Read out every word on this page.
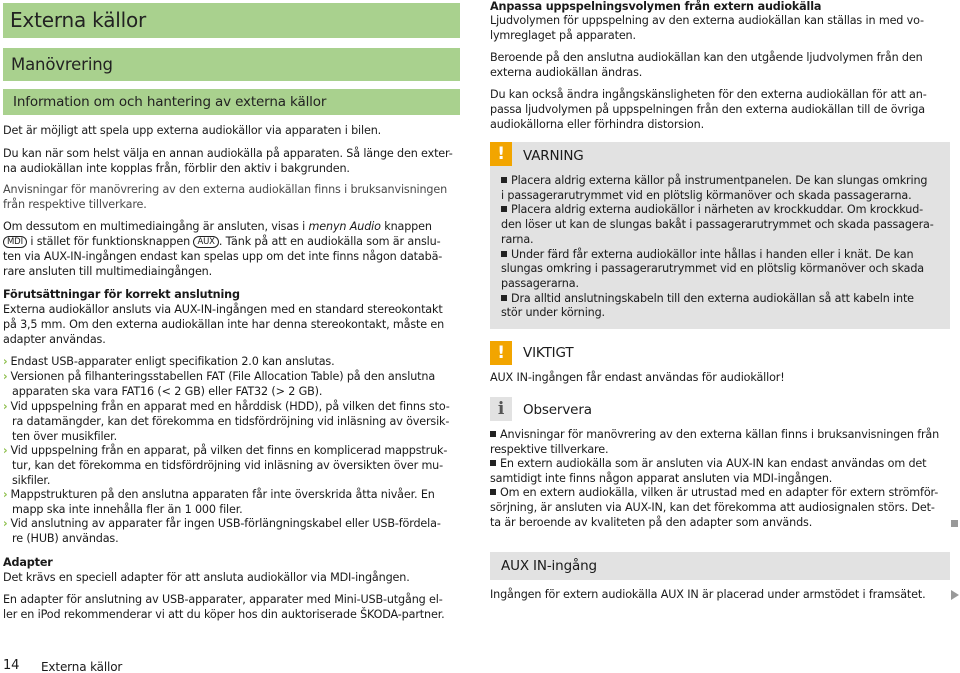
Externa källor
Manövrering
Information om och hantering av externa källor
Det är möjligt att spela upp externa audiokällor via apparaten i bilen.
Du kan när som helst välja en annan audiokälla på apparaten. Så länge den exter-
na audiokällan inte kopplas från, förblir den aktiv i bakgrunden.
Anvisningar för manövrering av den externa audiokällan finns i bruksanvisningen
från respektive tillverkare.
Om dessutom en multimediaingång är ansluten, visas i menyn Audio knappen
MDI i stället för funktionsknappen AUX . Tänk på att en audiokälla som är anslu-
ten via AUX-IN-ingången endast kan spelas upp om det inte finns någon databä-
rare ansluten till multimediaingången.
Förutsättningar för korrekt anslutning
Externa audiokällor ansluts via AUX-IN-ingången med en standard stereokontakt
på 3,5 mm. Om den externa audiokällan inte har denna stereokontakt, måste en
adapter användas.
› Endast USB-apparater enligt specifikation 2.0 kan anslutas.
› Versionen på filhanteringsstabellen FAT (File Allocation Table) på den anslutna
apparaten ska vara FAT16 (< 2 GB) eller FAT32 (> 2 GB).
› Vid uppspelning från en apparat med en hårddisk (HDD), på vilken det finns sto-
ra datamängder, kan det förekomma en tidsfördröjning vid inläsning av översik-
ten över musikfiler.
› Vid uppspelning från en apparat, på vilken det finns en komplicerad mappstruk-
tur, kan det förekomma en tidsfördröjning vid inläsning av översikten över mu-
sikfiler.
› Mappstrukturen på den anslutna apparaten får inte överskrida åtta nivåer. En
mapp ska inte innehålla fler än 1 000 filer.
› Vid anslutning av apparater får ingen USB-förlängningskabel eller USB-fördela-
re (HUB) användas.
Adapter
Det krävs en speciell adapter för att ansluta audiokällor via MDI-ingången.
En adapter för anslutning av USB-apparater, apparater med Mini-USB-utgång el-
ler en iPod rekommenderar vi att du köper hos din auktoriserade ŠKODA-partner.
14 Externa källor
Anpassa uppspelningsvolymen från extern audiokälla
Ljudvolymen för uppspelning av den externa audiokällan kan ställas in med vo-
lymreglaget på apparaten.
Beroende på den anslutna audiokällan kan den utgående ljudvolymen från den
externa audiokällan ändras.
Du kan också ändra ingångskänsligheten för den externa audiokällan för att an-
passa ljudvolymen på uppspelningen från den externa audiokällan till de övriga
audiokällorna eller förhindra distorsion.
!	VARNING
Placera aldrig externa källor på instrumentpanelen. De kan slungas omkring
i passagerarutrymmet vid en plötslig körmanöver och skada passagerarna.
Placera aldrig externa audiokällor i närheten av krockkuddar. Om krockkud-
den löser ut kan de slungas bakåt i passagerarutrymmet och skada passagera-
rarna.
Under färd får externa audiokällor inte hållas i handen eller i knät. De kan
slungas omkring i passagerarutrymmet vid en plötslig körmanöver och skada
passagerarna.
Dra alltid anslutningskabeln till den externa audiokällan så att kabeln inte
stör under körning.
!	VIKTIGT
AUX IN-ingången får endast användas för audiokällor!
i	Observera
Anvisningar för manövrering av den externa källan finns i bruksanvisningen från
respektive tillverkare.
En extern audiokälla som är ansluten via AUX-IN kan endast användas om det
samtidigt inte finns någon apparat ansluten via MDI-ingången.
Om en extern audiokälla, vilken är utrustad med en adapter för extern strömför-
sörjning, är ansluten via AUX-IN, kan det förekomma att audiosignalen störs. Det-
ta är beroende av kvaliteten på den adapter som används.
AUX IN-ingång
Ingången för extern audiokälla AUX IN är placerad under armstödet i framsätet.
